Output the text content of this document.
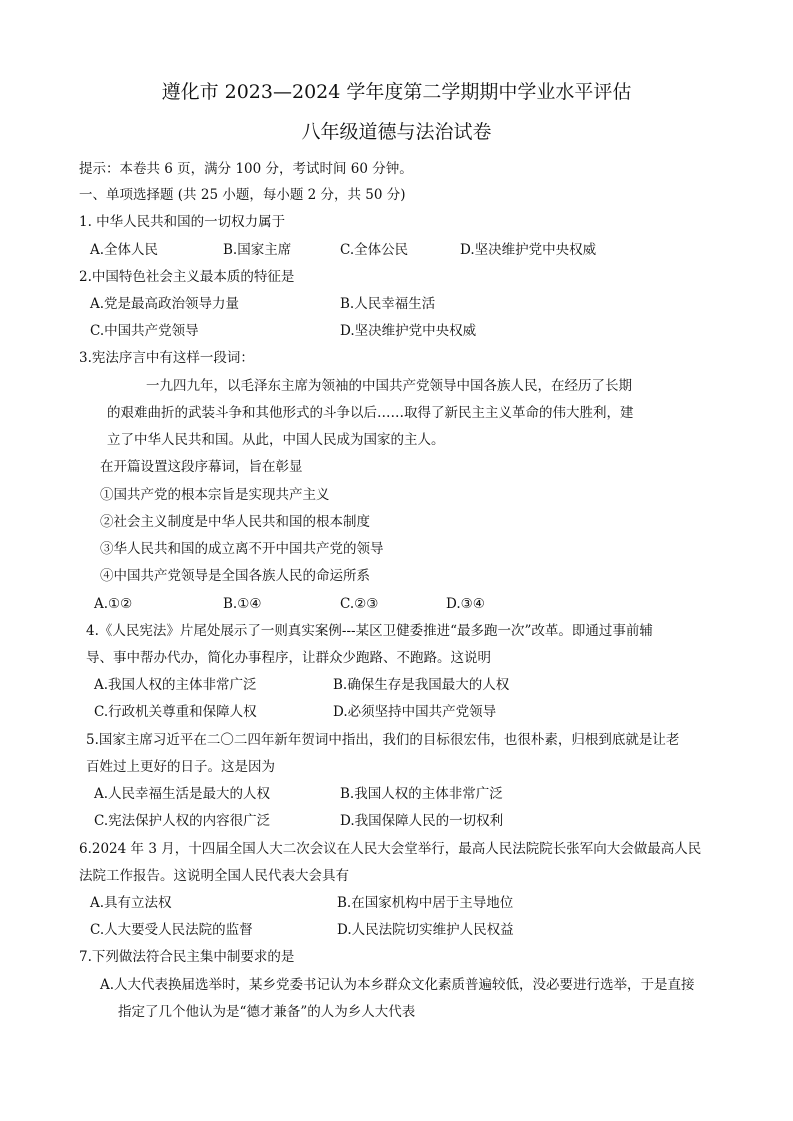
遵化市 2023—2024 学年度第二学期期中学业水平评估
八年级道德与法治试卷
提示：本卷共 6 页，满分 100 分，考试时间 60 分钟。
一、单项选择题 (共 25 小题，每小题 2 分，共 50 分)
1. 中华人民共和国的一切权力属于
A.全体人民	B.国家主席	C.全体公民	D.坚决维护党中央权威
2.中国特色社会主义最本质的特征是
A.党是最高政治领导力量	B.人民幸福生活
C.中国共产党领导	D.坚决维护党中央权威
3.宪法序言中有这样一段词：
一九四九年，以毛泽东主席为领袖的中国共产党领导中国各族人民，在经历了长期
的艰难曲折的武装斗争和其他形式的斗争以后……取得了新民主主义革命的伟大胜利，建
立了中华人民共和国。从此，中国人民成为国家的主人。
在开篇设置这段序幕词，旨在彰显
①国共产党的根本宗旨是实现共产主义
②社会主义制度是中华人民共和国的根本制度
③华人民共和国的成立离不开中国共产党的领导
④中国共产党领导是全国各族人民的命运所系
A.①②	B.①④	C.②③	D.③④
4.《人民宪法》片尾处展示了一则真实案例---某区卫健委推进“最多跑一次”改革。即通过事前辅
导、事中帮办代办，简化办事程序，让群众少跑路、不跑路。这说明
A.我国人权的主体非常广泛	B.确保生存是我国最大的人权
C.行政机关尊重和保障人权	D.必须坚持中国共产党领导
5.国家主席习近平在二〇二四年新年贺词中指出，我们的目标很宏伟，也很朴素，归根到底就是让老
百姓过上更好的日子。这是因为
A.人民幸福生活是最大的人权	B.我国人权的主体非常广泛
C.宪法保护人权的内容很广泛	D.我国保障人民的一切权利
6.2024 年 3 月，十四届全国人大二次会议在人民大会堂举行，最高人民法院院长张军向大会做最高人民
法院工作报告。这说明全国人民代表大会具有
A.具有立法权	B.在国家机构中居于主导地位
C.人大要受人民法院的监督	D.人民法院切实维护人民权益
7.下列做法符合民主集中制要求的是
A.人大代表换届选举时，某乡党委书记认为本乡群众文化素质普遍较低，没必要进行选举，于是直接
指定了几个他认为是“德才兼备”的人为乡人大代表
